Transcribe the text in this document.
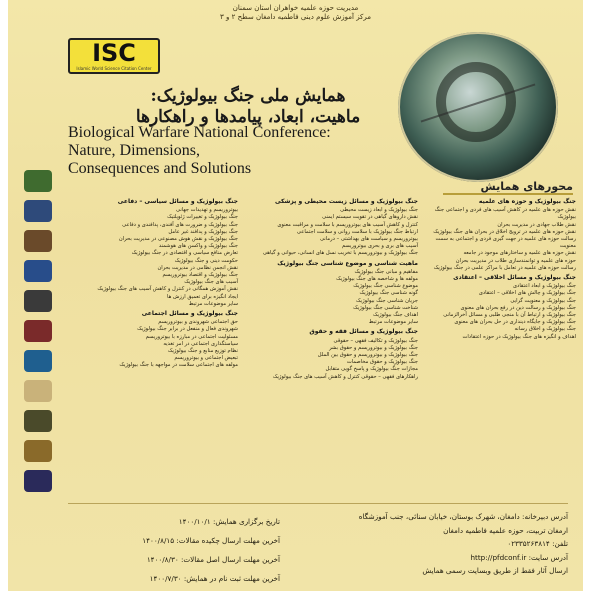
مدیریت حوزه علمیه خواهران استان سمنان
مرکز آموزش علوم دینی فاطمیه دامغان سطح ۲ و ۳
ISC
Islamic World Science Citation Center
همایش ملی جنگ بیولوژیک:
ماهیت، ابعاد، پیامدها و راهکارها
Biological Warfare National Conference:
Nature, Dimensions,
Consequences and Solutions
محورهای همایش
جنگ بیولوژیک و حوزه های علمیه
نقش حوزه های علمیه در کاهش آسیب های فردی و اجتماعی جنگ بیولوژیک
نقش طلاب جهادی در مدیریت بحران
نقش حوزه های علمیه در ترویج اخلاق در بحران های جنگ بیولوژیک
رسالت حوزه های علمیه در جهت گیری فردی و اجتماعی به سمت معنویت
نقش حوزه های علمیه و ساختارهای موجود در جامعه
حوزه های علمیه و توانمندسازی طلاب در مدیریت بحران
رسالت حوزه های علمیه در تعامل با مراکز علمی در جنگ بیولوژیک
جنگ بیولوژیک و مسائل اخلاقی – اعتقادی
جنگ بیولوژیک و ابعاد اعتقادی
جنگ بیولوژیک و چالش های اخلاقی – اعتقادی
جنگ بیولوژیک و معنویت گرایی
جنگ بیولوژیک و رسالت دین در رفع بحران های معنوی
جنگ بیولوژیک و ارتباط آن با منجی طلبی و مسائل آخرالزمانی
جنگ بیولوژیک و جایگاه دینداری در حل بحران های معنوی
جنگ بیولوژیک و اخلاق رسانه
اهداف و انگیزه های جنگ بیولوژیک در حوزه اعتقادات
جنگ بیولوژیک و مسائل زیست محیطی و پزشکی
جنگ بیولوژیک و ابعاد زیست محیطی
نقش داروهای گیاهی در تقویت سیستم ایمنی
کنترل و کاهش آسیب های بیوتروریسم با سلامت و مراقبت معنوی
ارتباط جنگ بیولوژیک با سلامت روانی و سلامت اجتماعی
بیوتروریسم و سیاست های بهداشتی – درمانی
آسیب های بری و بحری بیوتروریسم
جنگ بیولوژیک و بیوتروریسم با تخریب نسل های انسانی، حیوانی و گیاهی
ماهیت شناسی و موضوع شناسی جنگ بیولوژیک
مفاهیم و مبانی جنگ بیولوژیک
مولفه ها و شاخصه های جنگ بیولوژیک
موضوع شناسی جنگ بیولوژیک
گونه شناسی جنگ بیولوژیک
جریان شناسی جنگ بیولوژیک
شناخت شناسی جنگ بیولوژیک
اهداف جنگ بیولوژیک
سایر موضوعات مرتبط
جنگ بیولوژیک و مسائل فقه و حقوق
جنگ بیولوژیک و تکالیف فقهی – حقوقی
جنگ بیولوژیک و بیوتروریسم و حقوق بشر
جنگ بیولوژیک و بیوتروریسم و حقوق بین الملل
جنگ بیولوژیک و حقوق مخاصمات
مجازات جنگ بیولوژیک و پاسخ گویی متقابل
راهکارهای فقهی – حقوقی کنترل و کاهش آسیب های جنگ بیولوژیک
جنگ بیولوژیک و مسائل سیاسی – دفاعی
بیوتروریسم و تهدیدات جهانی
جنگ بیولوژیک و تغییرات ژئوپلتیک
جنگ بیولوژیک و ضرورت های آفندی، پدافندی و دفاعی
جنگ بیولوژیک و پدافند غیر عامل
جنگ بیولوژیک و نقش هوش مصنوعی در مدیریت بحران
جنگ بیولوژیک و واکسن های هوشمند
تعارض منافع سیاسی و اقتصادی در جنگ بیولوژیک
حکومت دینی و جنگ بیولوژیک
نقش انجمن نظامی در مدیریت بحران
جنگ بیولوژیک و اقتصاد بیوتروریسم
آسیب های جنگ بیولوژیک
نقش آموزش همگانی در کنترل و کاهش آسیب های جنگ بیولوژیک
ایجاد انگیزه برای تعمیق ارزش ها
سایر موضوعات مرتبط
جنگ بیولوژیک و مسائل اجتماعی
حق اجتماعی شهروندی و بیوتروریسم
شهروندی فعال و منفعل در برابر جنگ بیولوژیک
مسئولیت اجتماعی در مبارزه با بیوتروریسم
سیاستگذاری اجتماعی در امر تغذیه
نظام توزیع منابع و جنگ بیولوژیک
تبعیض اجتماعی و بیوتروریسم
مولفه های اجتماعی سلامت در مواجهه با جنگ بیولوژیک
تاریخ برگزاری همایش: ۱۴۰۰/۱۰/۱
آخرین مهلت ارسال چکیده مقالات: ۱۴۰۰/۸/۱۵
آخرین مهلت ارسال اصل مقالات: ۱۴۰۰/۸/۳۰
آخرین مهلت ثبت نام در همایش: ۱۴۰۰/۷/۳۰
آدرس دبیرخانه: دامغان، شهرک بوستان، خیابان سنائی، جنب آموزشگاه
ارمغان تربیت، حوزه علمیه فاطمیه دامغان
تلفن: ۰۲۳۳۵۲۶۳۸۱۴
آدرس سایت: http://pfdconf.ir
ارسال آثار فقط از طریق وبسایت رسمی همایش
